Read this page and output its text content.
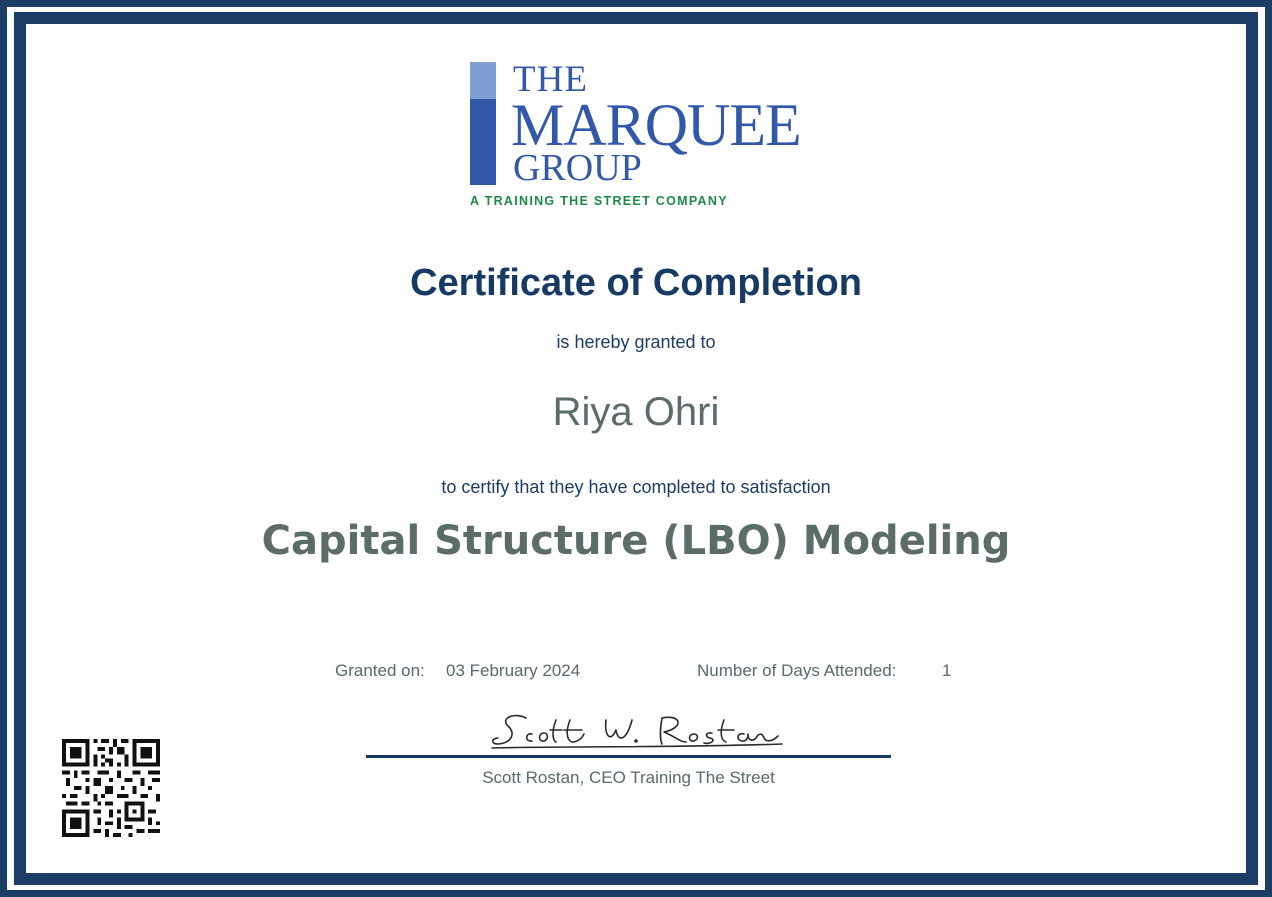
THE
MARQUEE
GROUP
A TRAINING THE STREET COMPANY
Certificate of Completion
is hereby granted to
Riya Ohri
to certify that they have completed to satisfaction
Capital Structure (LBO) Modeling
Granted on: 03 February 2024	Number of Days Attended:	1
Scott Rostan, CEO Training The Street
